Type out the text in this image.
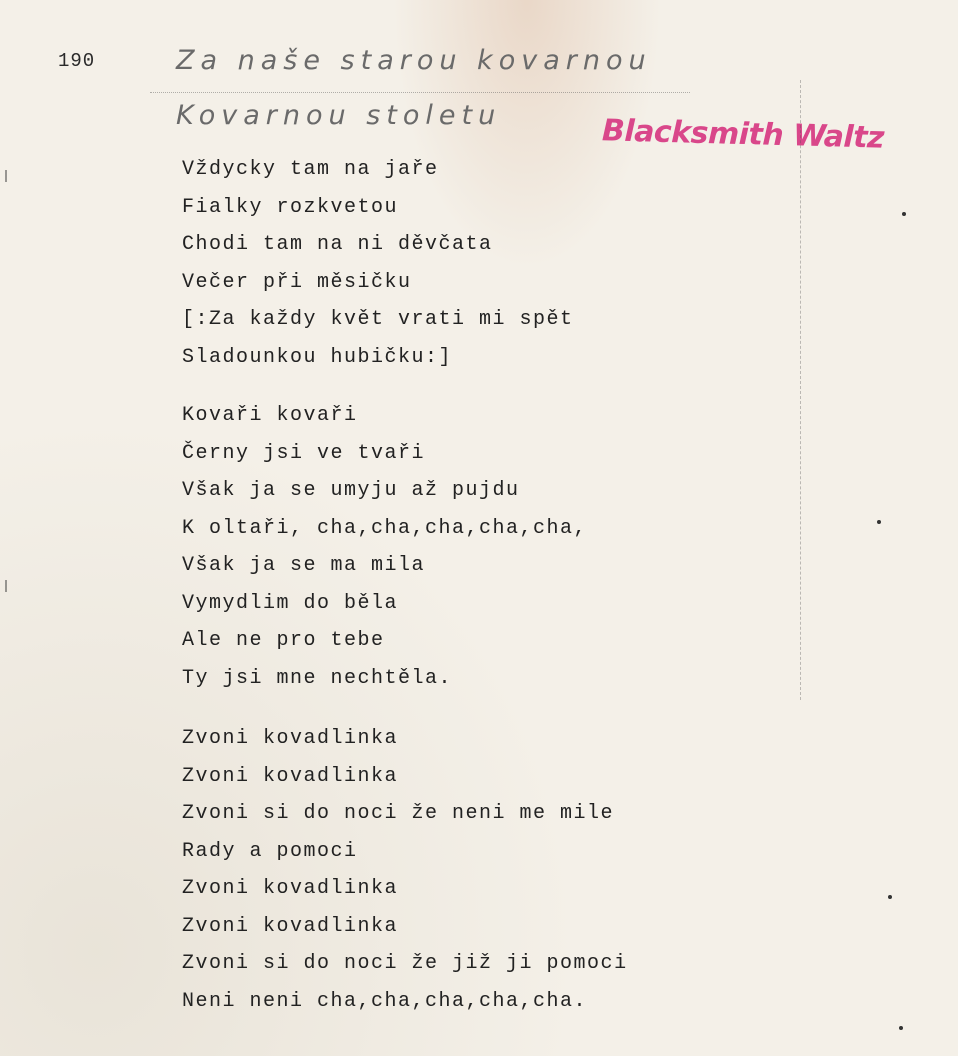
190	Za naše starou kovarnou
Kovarnou stoletu	Blacksmith Waltz
Vždycky tam na jaře
Fialky rozkvetou
Chodi tam na ni děvčata
Večer při měsičku
[:Za každy květ vrati mi spět
Sladounkou hubičku:]
Kovaři kovaři
Černy jsi ve tvaři
Však ja se umyju až pujdu
K oltaři, cha,cha,cha,cha,cha,
Však ja se ma mila
Vymydlim do běla
Ale ne pro tebe
Ty jsi mne nechtěla.
Zvoni kovadlinka
Zvoni kovadlinka
Zvoni si do noci že neni me mile
Rady a pomoci
Zvoni kovadlinka
Zvoni kovadlinka
Zvoni si do noci že již ji pomoci
Neni neni cha,cha,cha,cha,cha.
